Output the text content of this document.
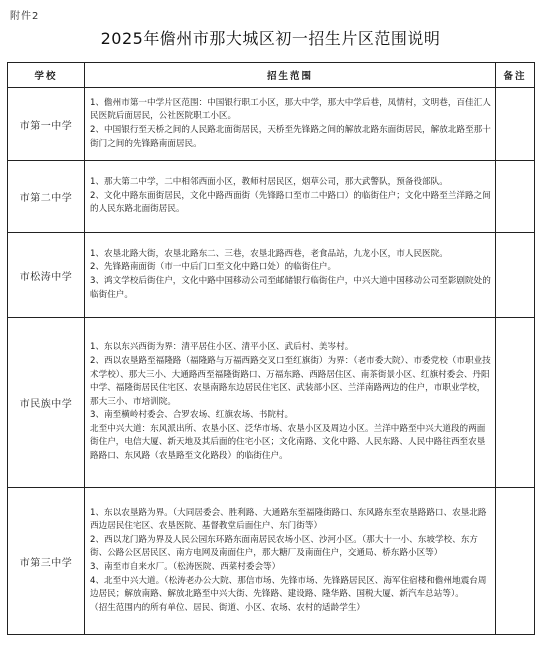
附件2
2025年儋州市那大城区初一招生片区范围说明
学校	招生范围	备注
市第一中学	1、儋州市第一中学片区范围：中国银行职工小区，那大中学，那大中学后巷，凤情村，文明巷，百佳汇人民医院后面居民，公社医院职工小区。

2、中国银行至天桥之间的人民路北面街居民，天桥至先锋路之间的解放北路东面街居民，解放北路至那十街门之间的先锋路南面居民。	

市第二中学	1、那大第二中学，二中相邻西面小区，教师村居民区，烟草公司，那大武警队，预备役部队。

2、文化中路东面街居民，文化中路西面街（先锋路口至市二中路口）的临街住户；文化中路至兰洋路之间的人民东路北面街居民。	

市松涛中学	1、农垦北路大街，农垦北路东二、三巷，农垦北路西巷，老食品站，九龙小区，市人民医院。

2、先锋路南面街（市一中后门口至文化中路口处）的临街住户。

3、鸿文学校后街住户，文化中路中国移动公司至邮储银行临街住户，中兴大道中国移动公司至影剧院处的临街住户。	

市民族中学	1、东以东兴西街为界：清平居住小区、清平小区、武后村、美岑村。

2、西以农垦路至福隆路（福隆路与万福西路交叉口至红旗街）为界：（老市委大院）、市委党校（市职业技术学校）、那大三小、大通路西至福隆街路口、万福东路、西路居住区、南茶街景小区、红旗村委会、丹阳中学、福隆街居民住宅区、农垦南路东边居民住宅区、武装部小区、兰洋南路两边的住户，市职业学校，那大三小、市培训院。

3、南至横岭村委会、合罗农场、红旗农场、书院村。

北至中兴大道：东风派出所、农垦小区、泛华市场、农垦小区及周边小区。兰洋中路至中兴大道段的两面街住户，电信大厦、新天地及其后面的住宅小区；文化南路、文化中路、人民东路、人民中路往西至农垦路路口、东风路（农垦路至文化路段）的临街住户。	

市第三中学	1、东以农垦路为界。（大同居委会、胜利路、大通路东至福隆街路口、东风路东至农垦路路口、农垦北路西边居民住宅区、农垦医院、基督教堂后面住户、东门街等）

2、西以龙门路为界及人民公园东环路东面南居民农场小区、沙河小区。（那大十一小、东坡学校、东方街、公路公区居民区、南方电网及南面住户，那大糖厂及南面住户，交通局、桥东路小区等）

3、南至市自来水厂。（松涛医院、西菜村委会等）

4、北至中兴大道。（松涛老办公大院、那信市场、先锋市场、先锋路居民区、海军住宿楼和儋州地震台周边居民；解放南路、解放北路至中兴大街、先锋路、建设路、隆华路、国税大厦、新汽车总站等）。

（招生范围内的所有单位、居民、街道、小区、农场、农村的适龄学生）	
